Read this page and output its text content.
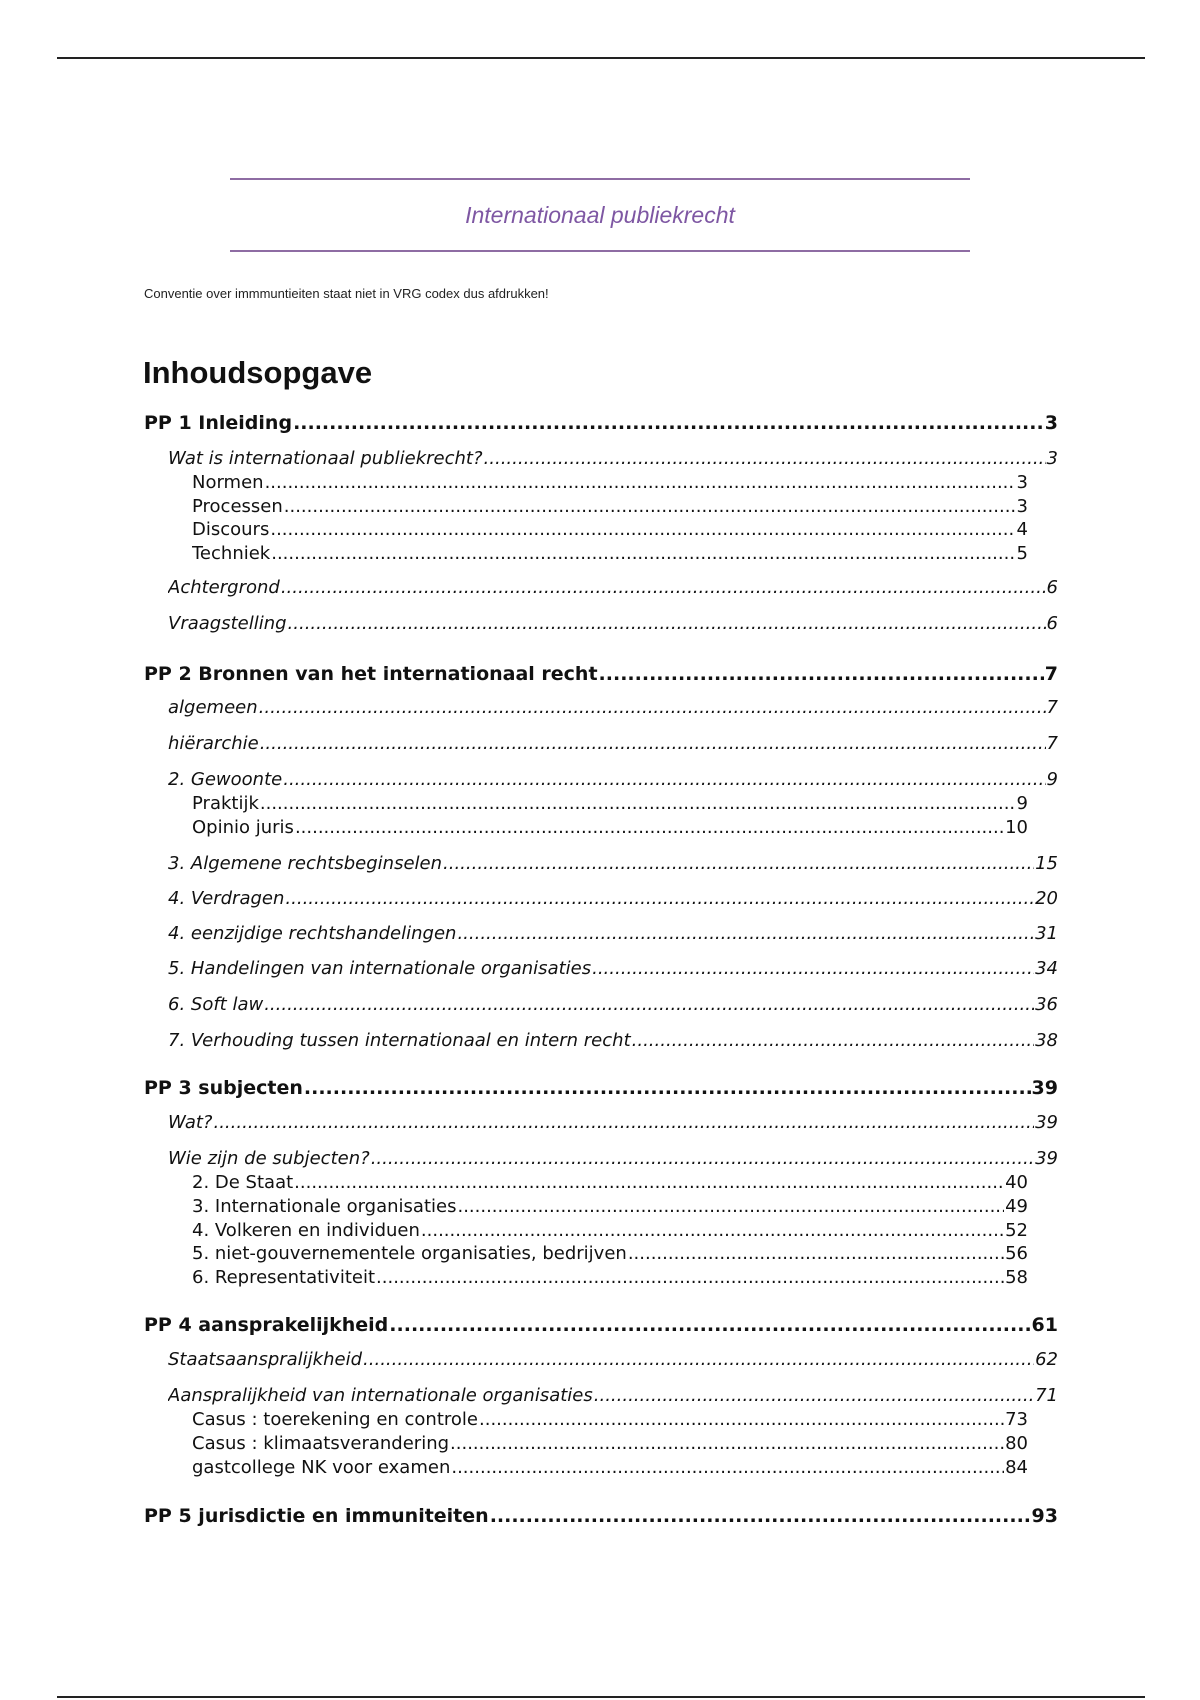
Internationaal publiekrecht
Conventie over immmuntieiten staat niet in VRG codex dus afdrukken!
Inhoudsopgave
PP 1 Inleiding .....	3
Wat is internationaal publiekrecht? .....	3
Normen .....	3
Processen .....	3
Discours .....	4
Techniek .....	5
Achtergrond .....	6
Vraagstelling .....	6
PP 2 Bronnen van het internationaal recht .....	7
algemeen .....	7
hiërarchie .....	7
2. Gewoonte .....	9
Praktijk .....	9
Opinio juris .....	10
3. Algemene rechtsbeginselen .....	15
4. Verdragen .....	20
4. eenzijdige rechtshandelingen .....	31
5. Handelingen van internationale organisaties .....	34
6. Soft law .....	36
7. Verhouding tussen internationaal en intern recht .....	38
PP 3 subjecten .....	39
Wat? .....	39
Wie zijn de subjecten? .....	39
2. De Staat .....	40
3. Internationale organisaties .....	49
4. Volkeren en individuen .....	52
5. niet-gouvernementele organisaties, bedrijven .....	56
6. Representativiteit .....	58
PP 4 aansprakelijkheid .....	61
Staatsaanspralijkheid .....	62
Aanspralijkheid van internationale organisaties .....	71
Casus : toerekening en controle .....	73
Casus : klimaatsverandering .....	80
gastcollege NK voor examen .....	84
PP 5 jurisdictie en immuniteiten .....	93
